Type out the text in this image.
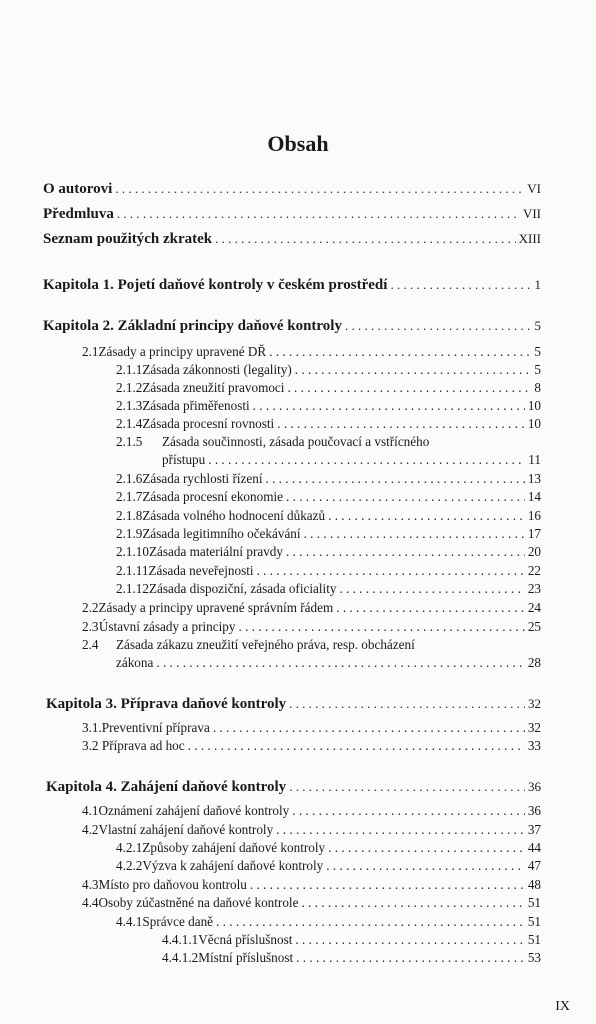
Obsah
O autorovi . . .	VI
Předmluva . . .	VII
Seznam použitých zkratek . . .	XIII
Kapitola 1. Pojetí daňové kontroly v českém prostředí . . .	1
Kapitola 2. Základní principy daňové kontroly . . .	5
2.1 Zásady a principy upravené DŘ . . .	5
2.1.1 Zásada zákonnosti (legality) . . .	5
2.1.2 Zásada zneužití pravomoci . . .	8
2.1.3 Zásada přiměřenosti . . .	10
2.1.4 Zásada procesní rovnosti . . .	10
2.1.5	Zásada součinnosti, zásada poučovací a vstřícného
přístupu . . .	11
2.1.6 Zásada rychlosti řízení . . .	13
2.1.7 Zásada procesní ekonomie . . .	14
2.1.8 Zásada volného hodnocení důkazů . . .	16
2.1.9 Zásada legitimního očekávání . . .	17
2.1.10 Zásada materiální pravdy . . .	20
2.1.11 Zásada neveřejnosti . . .	22
2.1.12 Zásada dispoziční, zásada oficiality . . .	23
2.2 Zásady a principy upravené správním řádem . . .	24
2.3 Ústavní zásady a principy . . .	25
2.4	Zásada zákazu zneužití veřejného práva, resp. obcházení
zákona . . .	28
Kapitola 3. Příprava daňové kontroly . . .	32
3.1. Preventivní příprava . . .	32
3.2 Příprava ad hoc . . .	33
Kapitola 4. Zahájení daňové kontroly . . .	36
4.1 Oznámení zahájení daňové kontroly . . .	36
4.2 Vlastní zahájení daňové kontroly . . .	37
4.2.1 Způsoby zahájení daňové kontroly . . .	44
4.2.2 Výzva k zahájení daňové kontroly . . .	47
4.3 Místo pro daňovou kontrolu . . .	48
4.4 Osoby zúčastněné na daňové kontrole . . .	51
4.4.1 Správce daně . . .	51
4.4.1.1 Věcná příslušnost . . .	51
4.4.1.2 Místní příslušnost . . .	53
IX
